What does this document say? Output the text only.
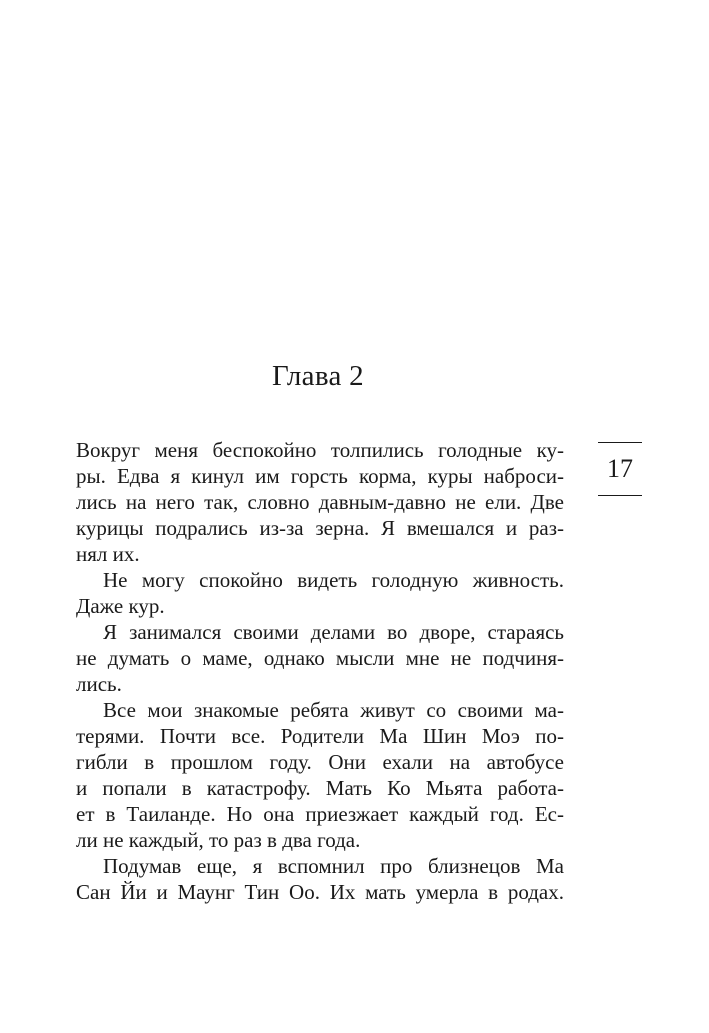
Глава 2
17
Вокруг меня беспокойно толпились голодные ку-
ры. Едва я кинул им горсть корма, куры наброси-
лись на него так, словно давным-давно не ели. Две
курицы подрались из-за зерна. Я вмешался и раз-
нял их.
Не могу спокойно видеть голодную живность.
Даже кур.
Я занимался своими делами во дворе, стараясь
не думать о маме, однако мысли мне не подчиня-
лись.
Все мои знакомые ребята живут со своими ма-
терями. Почти все. Родители Ма Шин Моэ по-
гибли в прошлом году. Они ехали на автобусе
и попали в катастрофу. Мать Ко Мьята работа-
ет в Таиланде. Но она приезжает каждый год. Ес-
ли не каждый, то раз в два года.
Подумав еще, я вспомнил про близнецов Ма
Сан Йи и Маунг Тин Оо. Их мать умерла в родах.
